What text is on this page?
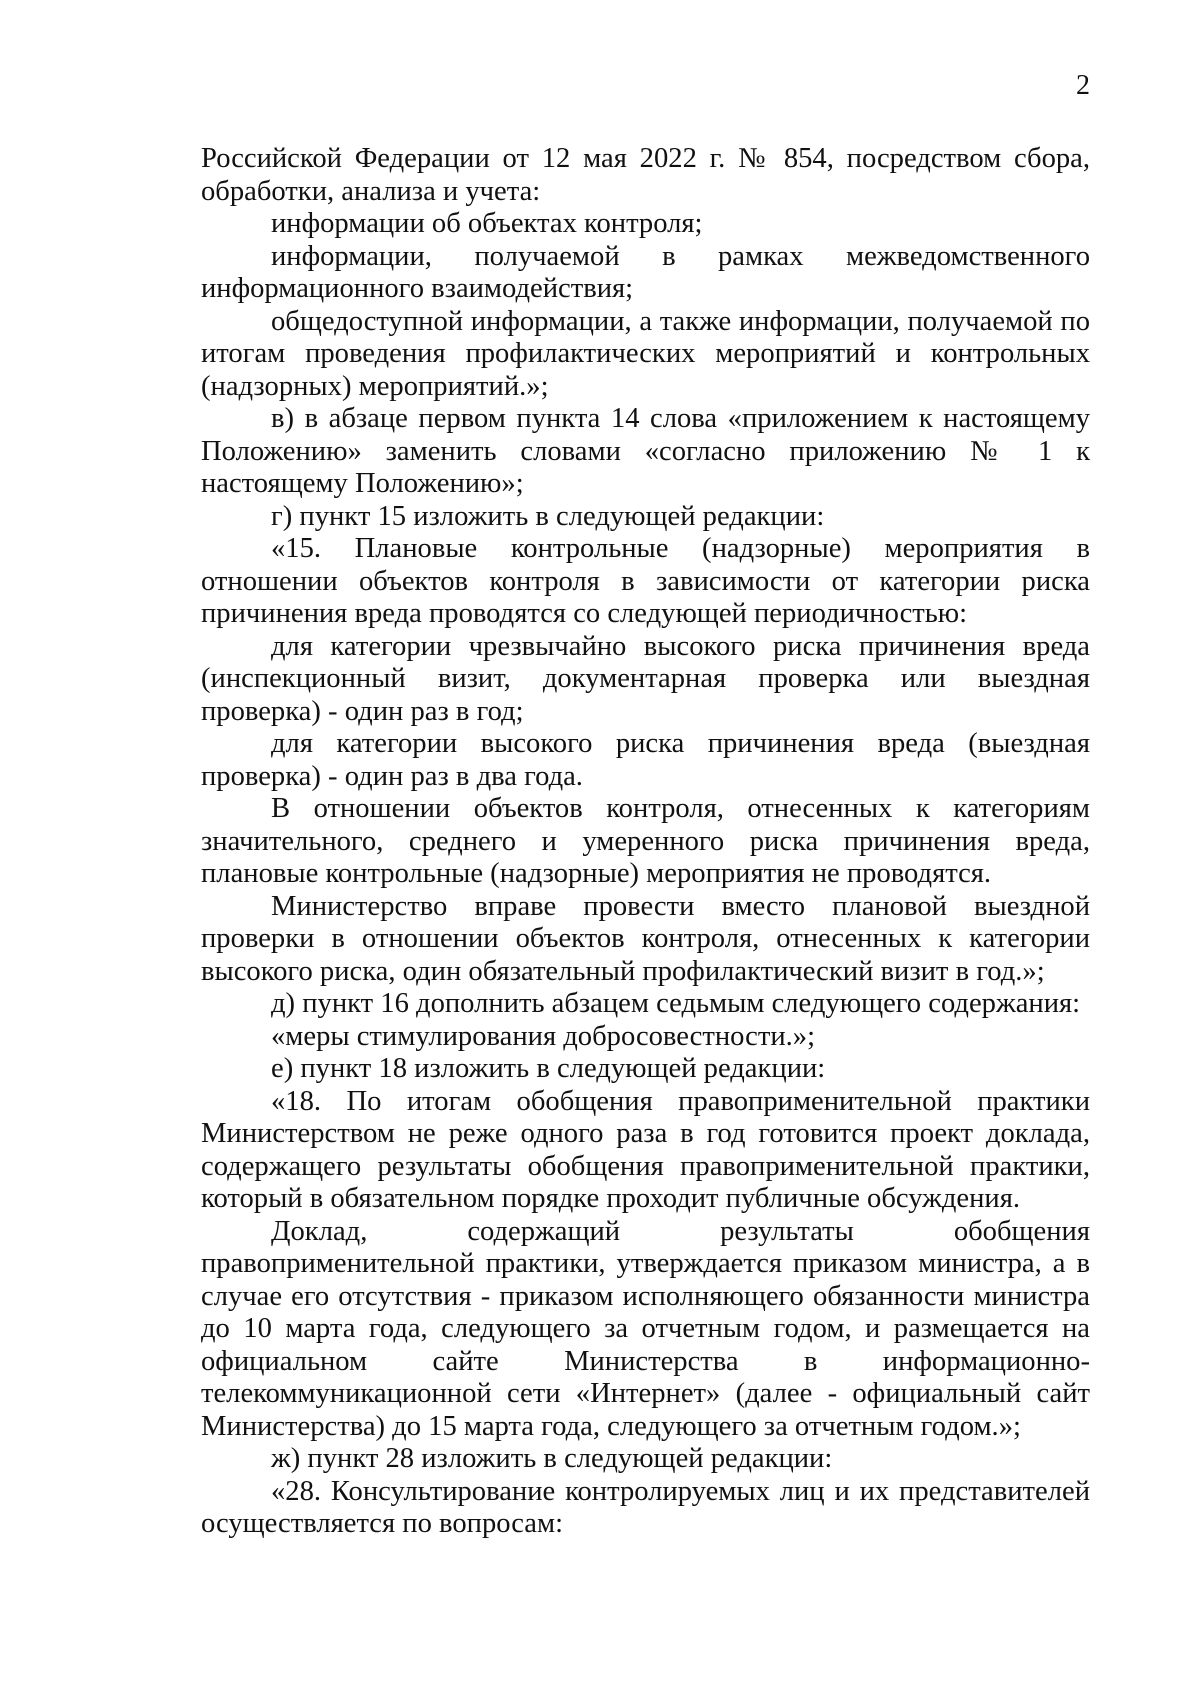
2

Российской Федерации от 12 мая 2022 г. № 854, посредством сбора, обработки, анализа и учета:

информации об объектах контроля;

информации, получаемой в рамках межведомственного информационного взаимодействия;

общедоступной информации, а также информации, получаемой по итогам проведения профилактических мероприятий и контрольных (надзорных) мероприятий.»;

в) в абзаце первом пункта 14 слова «приложением к настоящему Положению» заменить словами «согласно приложению № 1 к настоящему Положению»;

г) пункт 15 изложить в следующей редакции:

«15. Плановые контрольные (надзорные) мероприятия в отношении объектов контроля в зависимости от категории риска причинения вреда проводятся со следующей периодичностью:

для категории чрезвычайно высокого риска причинения вреда (инспекционный визит, документарная проверка или выездная проверка) - один раз в год;

для категории высокого риска причинения вреда (выездная проверка) - один раз в два года.

В отношении объектов контроля, отнесенных к категориям значительного, среднего и умеренного риска причинения вреда, плановые контрольные (надзорные) мероприятия не проводятся.

Министерство вправе провести вместо плановой выездной проверки в отношении объектов контроля, отнесенных к категории высокого риска, один обязательный профилактический визит в год.»;

д) пункт 16 дополнить абзацем седьмым следующего содержания:

«меры стимулирования добросовестности.»;

е) пункт 18 изложить в следующей редакции:

«18. По итогам обобщения правоприменительной практики Министерством не реже одного раза в год готовится проект доклада, содержащего результаты обобщения правоприменительной практики, который в обязательном порядке проходит публичные обсуждения.

Доклад, содержащий результаты обобщения правоприменительной практики, утверждается приказом министра, а в случае его отсутствия - приказом исполняющего обязанности министра до 10 марта года, следующего за отчетным годом, и размещается на официальном сайте Министерства в информационно-телекоммуникационной сети «Интернет» (далее - официальный сайт Министерства) до 15 марта года, следующего за отчетным годом.»;

ж) пункт 28 изложить в следующей редакции:

«28. Консультирование контролируемых лиц и их представителей осуществляется по вопросам:
